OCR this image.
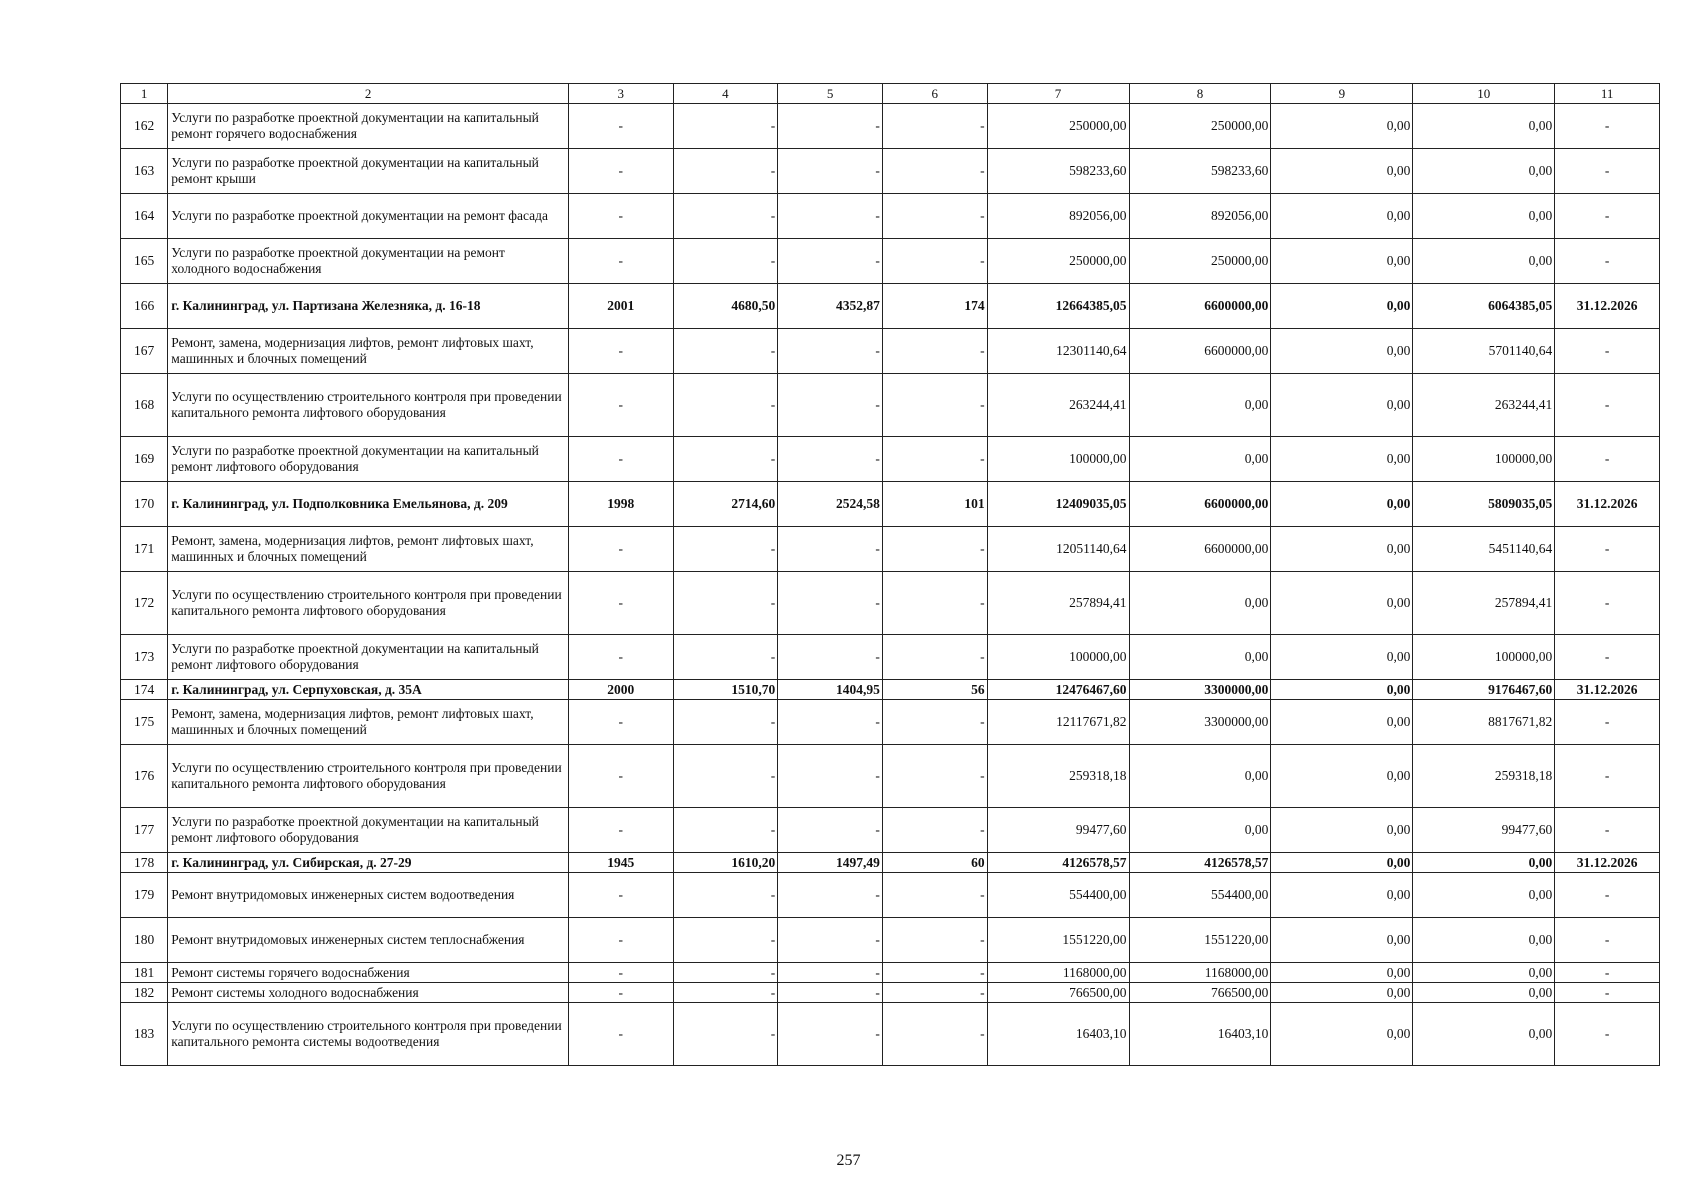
1	2	3	4	5	6	7	8	9	10	11
162	Услуги по разработке проектной документации на капитальный ремонт горячего водоснабжения	-	-	-	-	250000,00	250000,00	0,00	0,00	-
163	Услуги по разработке проектной документации на капитальный ремонт крыши	-	-	-	-	598233,60	598233,60	0,00	0,00	-
164	Услуги по разработке проектной документации на ремонт фасада	-	-	-	-	892056,00	892056,00	0,00	0,00	-
165	Услуги по разработке проектной документации на ремонт холодного водоснабжения	-	-	-	-	250000,00	250000,00	0,00	0,00	-
166	г. Калининград, ул. Партизана Железняка, д. 16-18	2001	4680,50	4352,87	174	12664385,05	6600000,00	0,00	6064385,05	31.12.2026
167	Ремонт, замена, модернизация лифтов, ремонт лифтовых шахт, машинных и блочных помещений	-	-	-	-	12301140,64	6600000,00	0,00	5701140,64	-
168	Услуги по осуществлению строительного контроля при проведении капитального ремонта лифтового оборудования	-	-	-	-	263244,41	0,00	0,00	263244,41	-
169	Услуги по разработке проектной документации на капитальный ремонт лифтового оборудования	-	-	-	-	100000,00	0,00	0,00	100000,00	-
170	г. Калининград, ул. Подполковника Емельянова, д. 209	1998	2714,60	2524,58	101	12409035,05	6600000,00	0,00	5809035,05	31.12.2026
171	Ремонт, замена, модернизация лифтов, ремонт лифтовых шахт, машинных и блочных помещений	-	-	-	-	12051140,64	6600000,00	0,00	5451140,64	-
172	Услуги по осуществлению строительного контроля при проведении капитального ремонта лифтового оборудования	-	-	-	-	257894,41	0,00	0,00	257894,41	-
173	Услуги по разработке проектной документации на капитальный ремонт лифтового оборудования	-	-	-	-	100000,00	0,00	0,00	100000,00	-
174	г. Калининград, ул. Серпуховская, д. 35А	2000	1510,70	1404,95	56	12476467,60	3300000,00	0,00	9176467,60	31.12.2026
175	Ремонт, замена, модернизация лифтов, ремонт лифтовых шахт, машинных и блочных помещений	-	-	-	-	12117671,82	3300000,00	0,00	8817671,82	-
176	Услуги по осуществлению строительного контроля при проведении капитального ремонта лифтового оборудования	-	-	-	-	259318,18	0,00	0,00	259318,18	-
177	Услуги по разработке проектной документации на капитальный ремонт лифтового оборудования	-	-	-	-	99477,60	0,00	0,00	99477,60	-
178	г. Калининград, ул. Сибирская, д. 27-29	1945	1610,20	1497,49	60	4126578,57	4126578,57	0,00	0,00	31.12.2026
179	Ремонт внутридомовых инженерных систем водоотведения	-	-	-	-	554400,00	554400,00	0,00	0,00	-
180	Ремонт внутридомовых инженерных систем теплоснабжения	-	-	-	-	1551220,00	1551220,00	0,00	0,00	-
181	Ремонт системы горячего водоснабжения	-	-	-	-	1168000,00	1168000,00	0,00	0,00	-
182	Ремонт системы холодного водоснабжения	-	-	-	-	766500,00	766500,00	0,00	0,00	-
183	Услуги по осуществлению строительного контроля при проведении капитального ремонта системы водоотведения	-	-	-	-	16403,10	16403,10	0,00	0,00	-
257
